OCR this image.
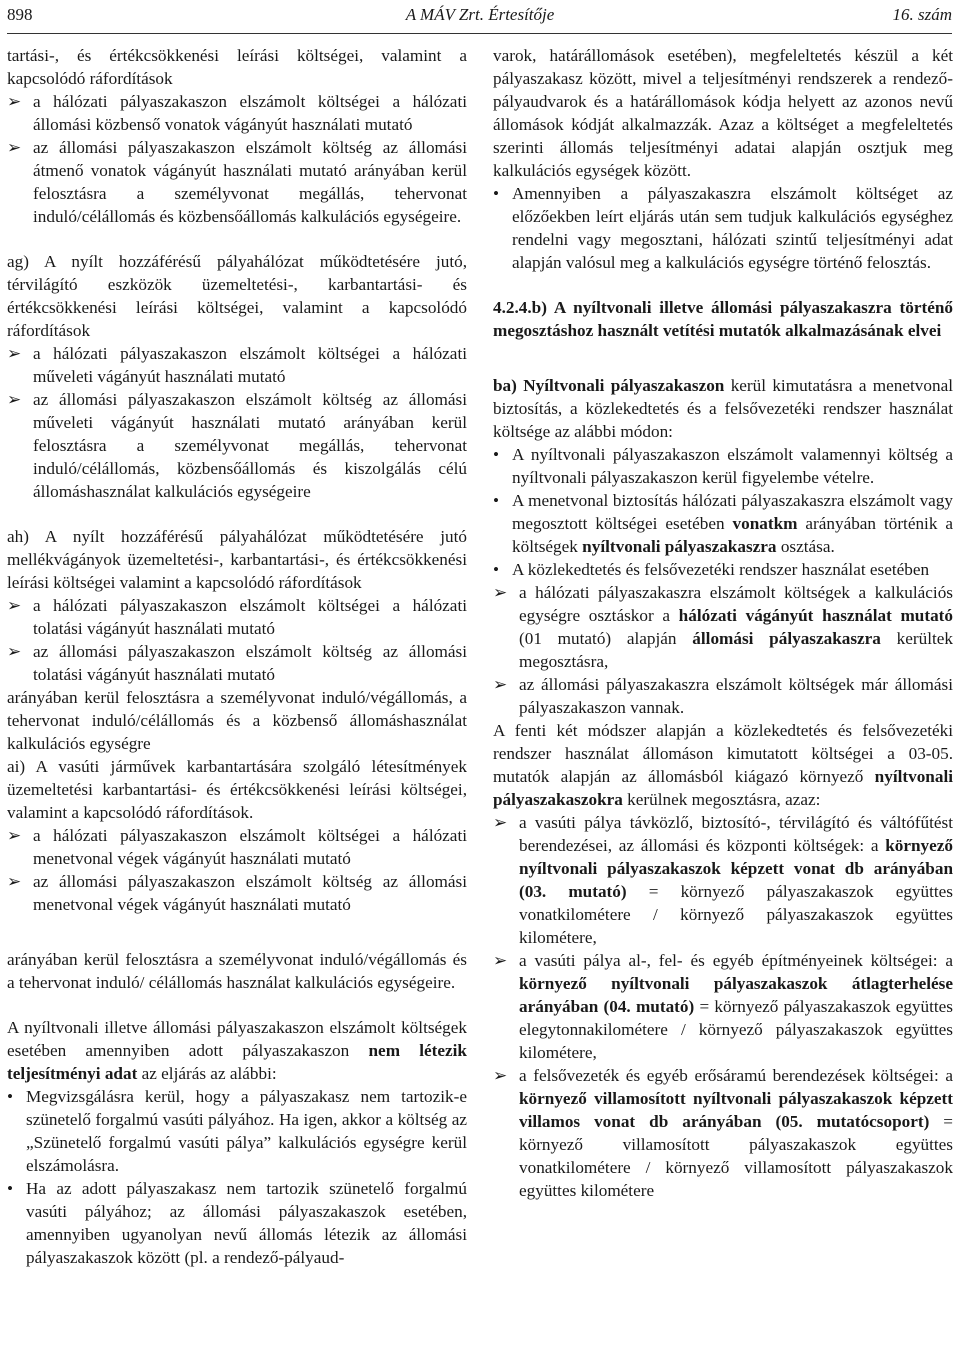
898	A MÁV Zrt. Értesítője	16. szám

tartási-, és értékcsökkenési leírási költségei, valamint a kapcsolódó ráfordítások

➢ a hálózati pályaszakaszon elszámolt költségei a hálózati állomási közbenső vonatok vágányút használati mutató

➢ az állomási pályaszakaszon elszámolt költség az állomási átmenő vonatok vágányút használati mutató arányában kerül felosztásra a személyvonat megállás, tehervonat induló/célállomás és közbensőállomás kalkulációs egységeire.

ag) A nyílt hozzáférésű pályahálózat működtetésére jutó, térvilágító eszközök üzemeltetési-, karbantartási- és értékcsökkenési leírási költségei, valamint a kapcsolódó ráfordítások

➢ a hálózati pályaszakaszon elszámolt költségei a hálózati műveleti vágányút használati mutató

➢ az állomási pályaszakaszon elszámolt költség az állomási műveleti vágányút használati mutató arányában kerül felosztásra a személyvonat megállás, tehervonat induló/célállomás, közbensőállomás és kiszolgálás célú állomáshasználat kalkulációs egységeire

ah) A nyílt hozzáférésű pályahálózat működtetésére jutó mellékvágányok üzemeltetési-, karbantartási-, és értékcsökkenési leírási költségei valamint a kapcsolódó ráfordítások

➢ a hálózati pályaszakaszon elszámolt költségei a hálózati tolatási vágányút használati mutató

➢ az állomási pályaszakaszon elszámolt költség az állomási tolatási vágányút használati mutató

arányában kerül felosztásra a személyvonat induló/végállomás, a tehervonat induló/célállomás és a közbenső állomáshasználat kalkulációs egységre

ai) A vasúti járművek karbantartására szolgáló létesítmények üzemeltetési karbantartási- és értékcsökkenési leírási költségei, valamint a kapcsolódó ráfordítások.

➢ a hálózati pályaszakaszon elszámolt költségei a hálózati menetvonal végek vágányút használati mutató

➢ az állomási pályaszakaszon elszámolt költség az állomási menetvonal végek vágányút használati mutató

arányában kerül felosztásra a személyvonat induló/végállomás és a tehervonat induló/ célállomás használat kalkulációs egységeire.

A nyíltvonali illetve állomási pályaszakaszon elszámolt költségek esetében amennyiben adott pályaszakaszon nem létezik teljesítményi adat az eljárás az alábbi:

• Megvizsgálásra kerül, hogy a pályaszakasz nem tartozik-e szünetelő forgalmú vasúti pályához. Ha igen, akkor a költség az „Szünetelő forgalmú vasúti pálya” kalkulációs egységre kerül elszámolásra.

• Ha az adott pályaszakasz nem tartozik szünetelő forgalmú vasúti pályához; az állomási pályaszakaszok esetében, amennyiben ugyanolyan nevű állomás létezik az állomási pályaszakaszok között (pl. a rendező-pályaud-

varok, határállomások esetében), megfeleltetés készül a két pályaszakasz között, mivel a teljesítményi rendszerek a rendező-pályaudvarok és a határállomások kódja helyett az azonos nevű állomások kódját alkalmazzák. Azaz a költséget a megfeleltetés szerinti állomás teljesítményi adatai alapján osztjuk meg kalkulációs egységek között.

• Amennyiben a pályaszakaszra elszámolt költséget az előzőekben leírt eljárás után sem tudjuk kalkulációs egységhez rendelni vagy megosztani, hálózati szintű teljesítményi adat alapján valósul meg a kalkulációs egységre történő felosztás.

4.2.4.b) A nyíltvonali illetve állomási pályaszakaszra történő megosztáshoz használt vetítési mutatók alkalmazásának elvei

ba) Nyíltvonali pályaszakaszon kerül kimutatásra a menetvonal biztosítás, a közlekedtetés és a felsővezetéki rendszer használat költsége az alábbi módon:

• A nyíltvonali pályaszakaszon elszámolt valamennyi költség a nyíltvonali pályaszakaszon kerül figyelembe vételre.

• A menetvonal biztosítás hálózati pályaszakaszra elszámolt vagy megosztott költségei esetében vonatkm arányában történik a költségek nyíltvonali pályaszakaszra osztása.

• A közlekedtetés és felsővezetéki rendszer használat esetében

➢ a hálózati pályaszakaszra elszámolt költségek a kalkulációs egységre osztáskor a hálózati vágányút használat mutató (01 mutató) alapján állomási pályaszakaszra kerültek megosztásra,

➢ az állomási pályaszakaszra elszámolt költségek már állomási pályaszakaszon vannak.

A fenti két módszer alapján a közlekedtetés és felsővezetéki rendszer használat állomáson kimutatott költségei a 03-05. mutatók alapján az állomásból kiágazó környező nyíltvonali pályaszakaszokra kerülnek megosztásra, azaz:

➢ a vasúti pálya távközlő, biztosító-, térvilágító és váltófűtést berendezései, az állomási és központi költségek: a környező nyíltvonali pályaszakaszok képzett vonat db arányában (03. mutató) = környező pályaszakaszok együttes vonatkilométere / környező pályaszakaszok együttes kilométere,

➢ a vasúti pálya al-, fel- és egyéb építményeinek költségei: a környező nyíltvonali pályaszakaszok átlagterhelése arányában (04. mutató) = környező pályaszakaszok együttes elegytonnakilométere / környező pályaszakaszok együttes kilométere,

➢ a felsővezeték és egyéb erősáramú berendezések költségei: a környező villamosított nyíltvonali pályaszakaszok képzett villamos vonat db arányában (05. mutatócsoport) = környező villamosított pályaszakaszok együttes vonatkilométere / környező villamosított pályaszakaszok együttes kilométere
